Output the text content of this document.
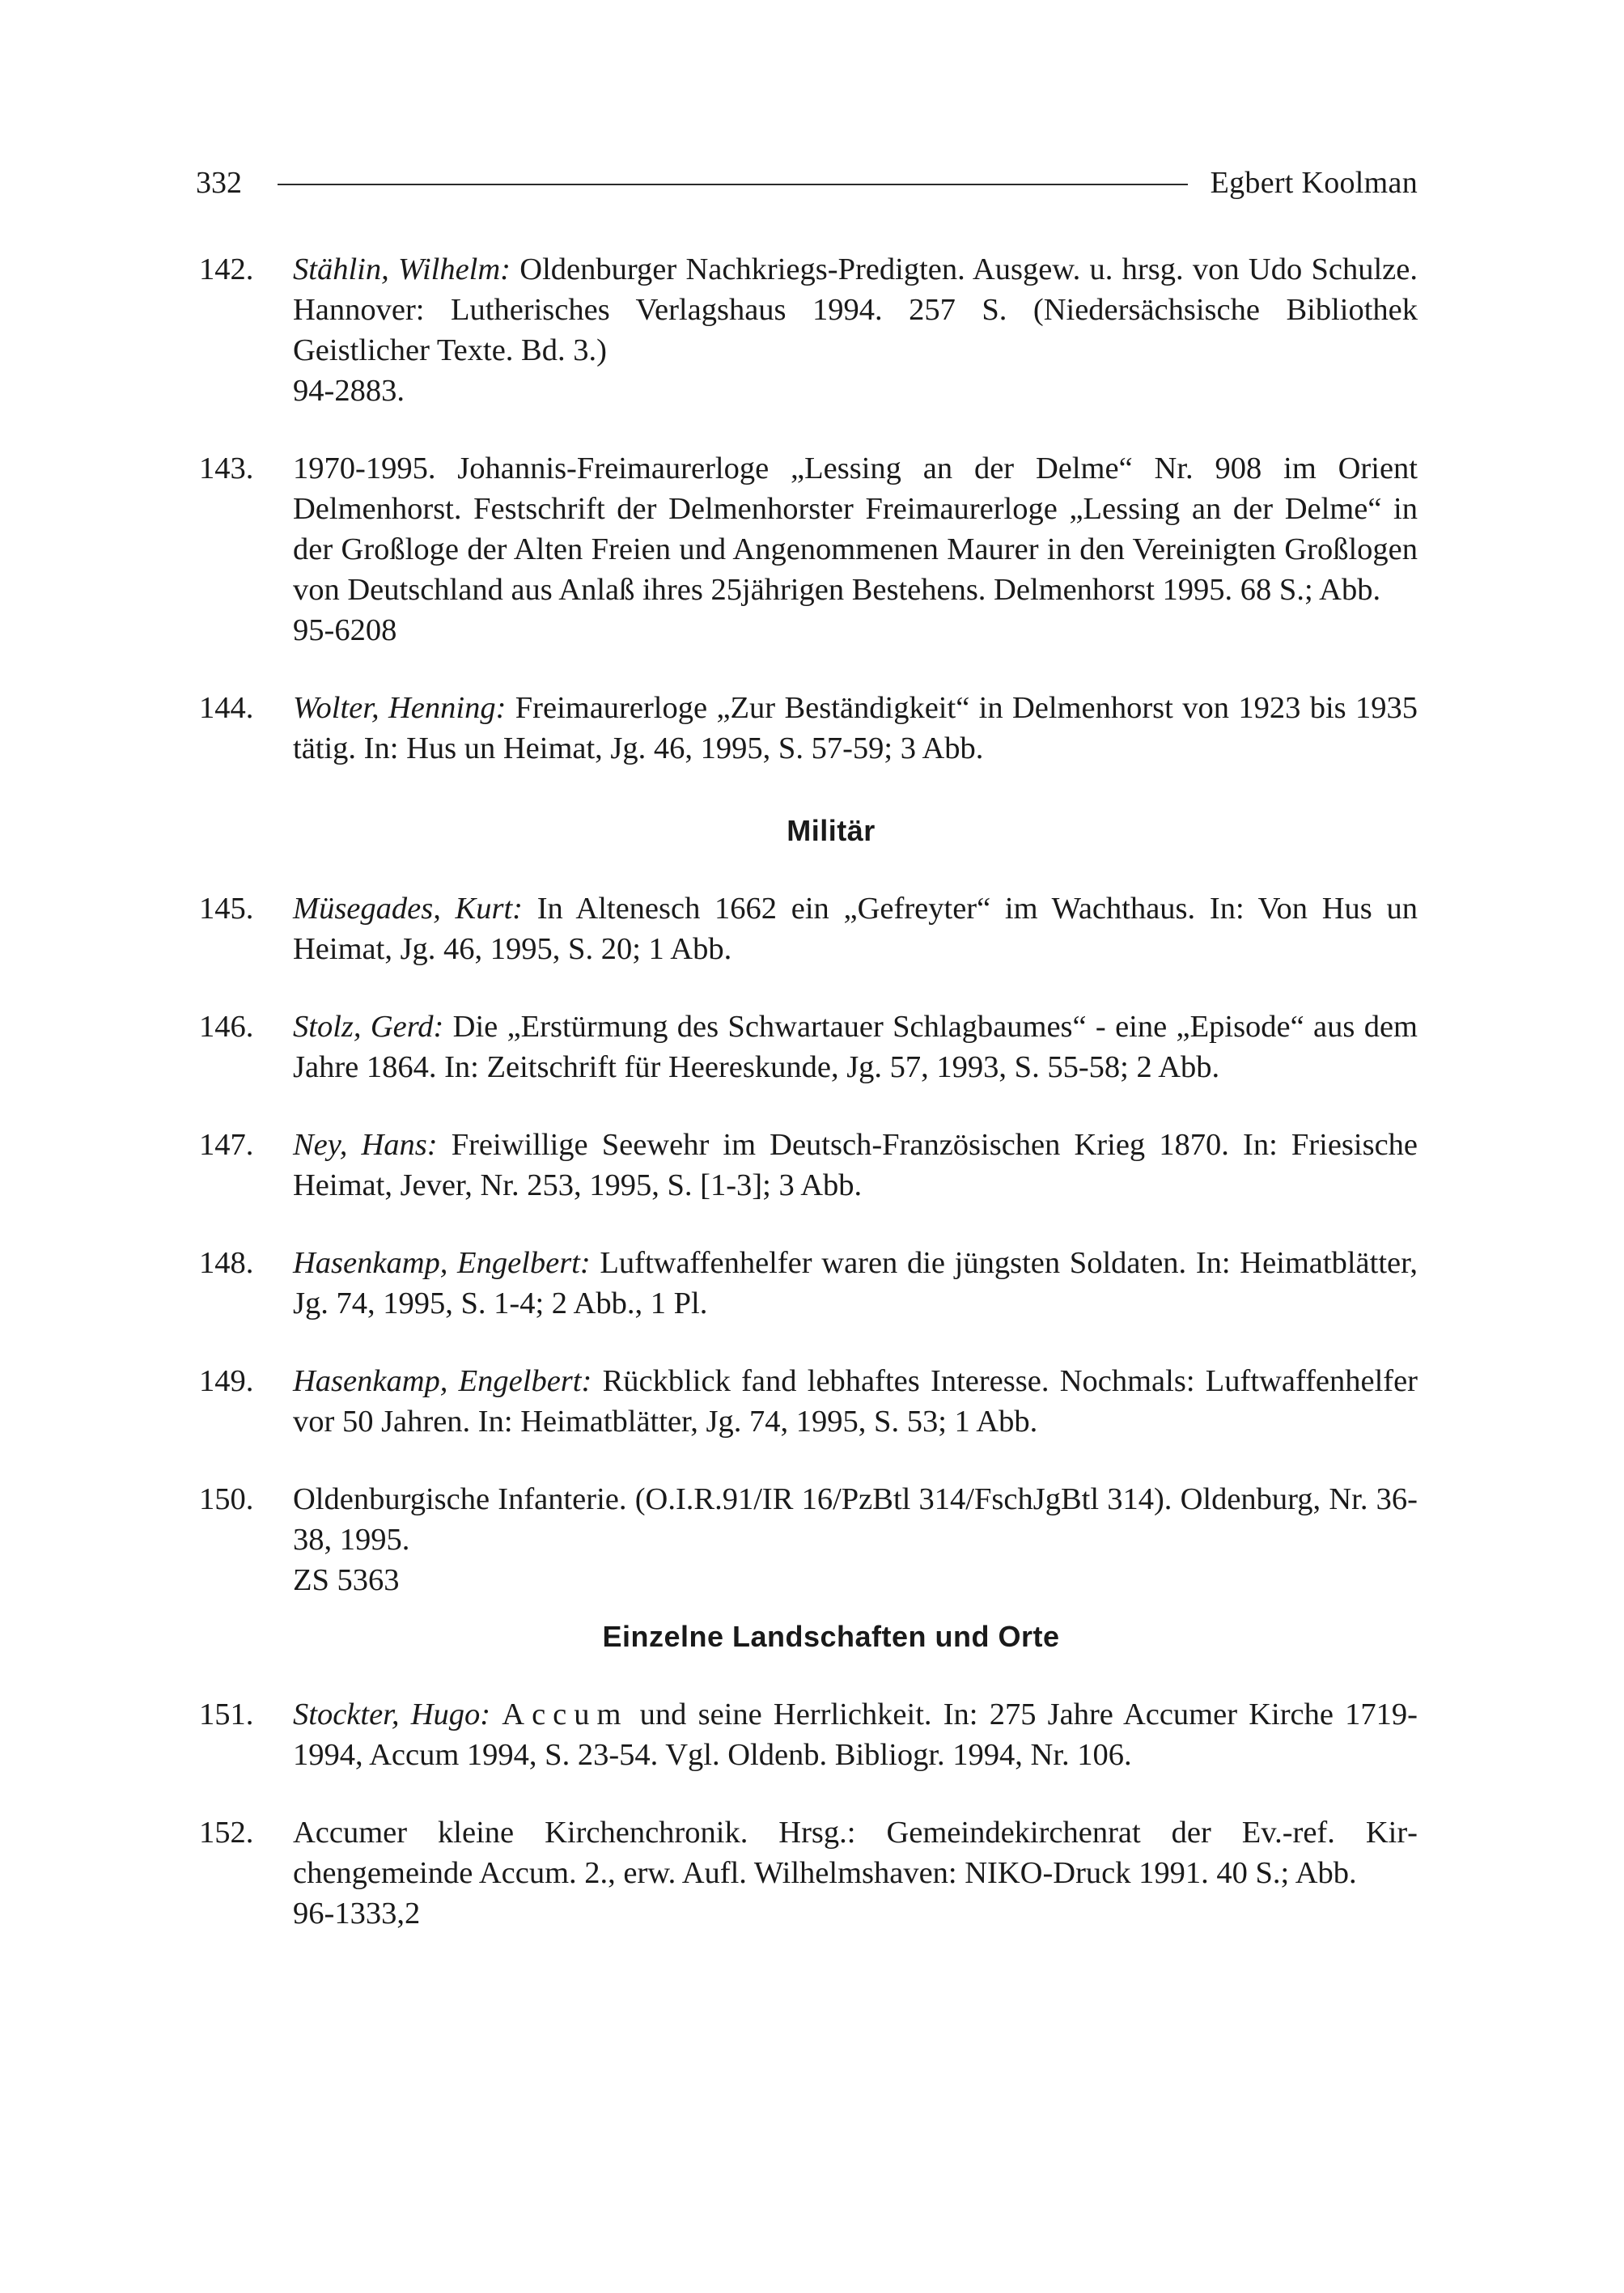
332	Egbert Koolman
142. Stählin, Wilhelm: Oldenburger Nachkriegs-Predigten. Ausgew. u. hrsg. von Udo Schulze. Hannover: Lutherisches Verlagshaus 1994. 257 S. (Niedersächsische Bibliothek Geistlicher Texte. Bd. 3.)
94-2883.
143. 1970-1995. Johannis-Freimaurerloge „Lessing an der Delme“ Nr. 908 im Orient Delmenhorst. Festschrift der Delmenhorster Freimaurerloge „Lessing an der Delme“ in der Großloge der Alten Freien und Angenommenen Maurer in den Vereinigten Großlogen von Deutschland aus Anlaß ihres 25jährigen Bestehens. Delmenhorst 1995. 68 S.; Abb.
95-6208
144. Wolter, Henning: Freimaurerloge „Zur Beständigkeit“ in Delmenhorst von 1923 bis 1935 tätig. In: Hus un Heimat, Jg. 46, 1995, S. 57-59; 3 Abb.
Militär
145. Müsegades, Kurt: In Altenesch 1662 ein „Gefreyter“ im Wachthaus. In: Von Hus un Heimat, Jg. 46, 1995, S. 20; 1 Abb.
146. Stolz, Gerd: Die „Erstürmung des Schwartauer Schlagbaumes“ - eine „Episode“ aus dem Jahre 1864. In: Zeitschrift für Heereskunde, Jg. 57, 1993, S. 55-58; 2 Abb.
147. Ney, Hans: Freiwillige Seewehr im Deutsch-Französischen Krieg 1870. In: Friesische Heimat, Jever, Nr. 253, 1995, S. [1-3]; 3 Abb.
148. Hasenkamp, Engelbert: Luftwaffenhelfer waren die jüngsten Soldaten. In: Heimatblätter, Jg. 74, 1995, S. 1-4; 2 Abb., 1 Pl.
149. Hasenkamp, Engelbert: Rückblick fand lebhaftes Interesse. Nochmals: Luftwaffenhelfer vor 50 Jahren. In: Heimatblätter, Jg. 74, 1995, S. 53; 1 Abb.
150. Oldenburgische Infanterie. (O.I.R.91/IR 16/PzBtl 314/FschJgBtl 314). Oldenburg, Nr. 36-38, 1995.
ZS 5363
Einzelne Landschaften und Orte
151. Stockter, Hugo: Accum und seine Herrlichkeit. In: 275 Jahre Accumer Kirche 1719-1994, Accum 1994, S. 23-54. Vgl. Oldenb. Bibliogr. 1994, Nr. 106.
152. Accumer kleine Kirchenchronik. Hrsg.: Gemeindekirchenrat der Ev.-ref. Kirchengemeinde Accum. 2., erw. Aufl. Wilhelmshaven: NIKO-Druck 1991. 40 S.; Abb.
96-1333,2
